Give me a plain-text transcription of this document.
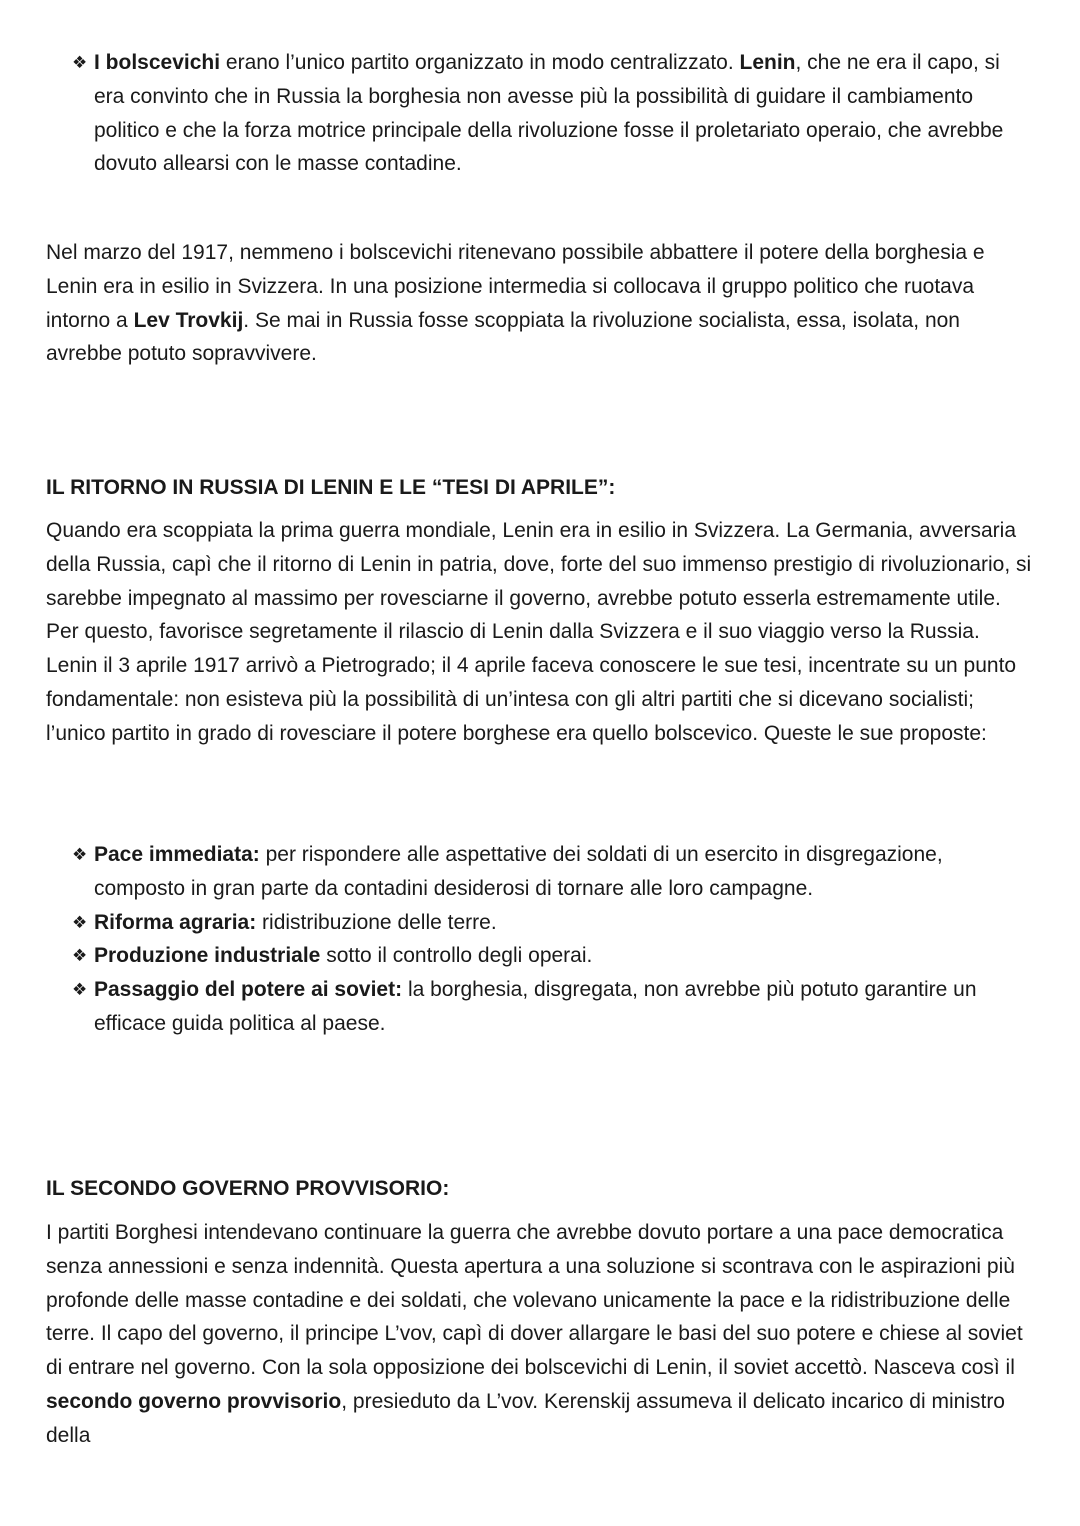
❖ I bolscevichi erano l’unico partito organizzato in modo centralizzato. Lenin, che ne era il capo, si era convinto che in Russia la borghesia non avesse più la possibilità di guidare il cambiamento politico e che la forza motrice principale della rivoluzione fosse il proletariato operaio, che avrebbe dovuto allearsi con le masse contadine.

Nel marzo del 1917, nemmeno i bolscevichi ritenevano possibile abbattere il potere della borghesia e Lenin era in esilio in Svizzera. In una posizione intermedia si collocava il gruppo politico che ruotava intorno a Lev Trovkij. Se mai in Russia fosse scoppiata la rivoluzione socialista, essa, isolata, non avrebbe potuto sopravvivere.

IL RITORNO IN RUSSIA DI LENIN E LE “TESI DI APRILE”:

Quando era scoppiata la prima guerra mondiale, Lenin era in esilio in Svizzera. La Germania, avversaria della Russia, capì che il ritorno di Lenin in patria, dove, forte del suo immenso prestigio di rivoluzionario, si sarebbe impegnato al massimo per rovesciarne il governo, avrebbe potuto esserla estremamente utile. Per questo, favorisce segretamente il rilascio di Lenin dalla Svizzera e il suo viaggio verso la Russia. Lenin il 3 aprile 1917 arrivò a Pietrogrado; il 4 aprile faceva conoscere le sue tesi, incentrate su un punto fondamentale: non esisteva più la possibilità di un’intesa con gli altri partiti che si dicevano socialisti; l’unico partito in grado di rovesciare il potere borghese era quello bolscevico. Queste le sue proposte:

❖ Pace immediata: per rispondere alle aspettative dei soldati di un esercito in disgregazione, composto in gran parte da contadini desiderosi di tornare alle loro campagne.
❖ Riforma agraria: ridistribuzione delle terre.
❖ Produzione industriale sotto il controllo degli operai.
❖ Passaggio del potere ai soviet: la borghesia, disgregata, non avrebbe più potuto garantire un efficace guida politica al paese.
IL SECONDO GOVERNO PROVVISORIO:

I partiti Borghesi intendevano continuare la guerra che avrebbe dovuto portare a una pace democratica senza annessioni e senza indennità. Questa apertura a una soluzione si scontrava con le aspirazioni più profonde delle masse contadine e dei soldati, che volevano unicamente la pace e la ridistribuzione delle terre. Il capo del governo, il principe L’vov, capì di dover allargare le basi del suo potere e chiese al soviet di entrare nel governo. Con la sola opposizione dei bolscevichi di Lenin, il soviet accettò. Nasceva così il secondo governo provvisorio, presieduto da L’vov. Kerenskij assumeva il delicato incarico di ministro della
